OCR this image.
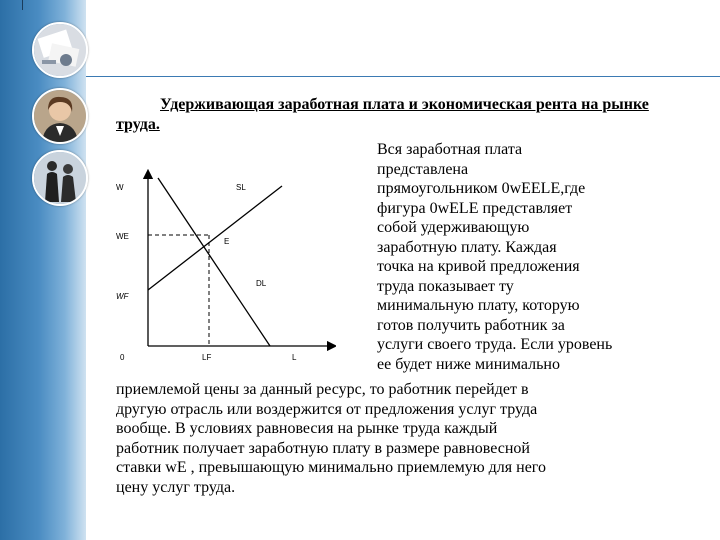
Удерживающая заработная плата и экономическая рента на рынке труда.
Вся заработная плата
представлена
прямоугольником 0wEELE,где
фигура 0wELE представляет
собой удерживающую
заработную плату. Каждая
точка на кривой предложения
труда показывает ту
минимальную плату, которую
готов получить работник за
услуги своего труда. Если уровень
ее будет ниже минимально
приемлемой цены за данный ресурс, то работник перейдет в
другую отрасль или воздержится от предложения услуг труда
вообще. В условиях равновесия на рынке труда каждый
работник получает заработную плату в размере равновесной
ставки wE , превышающую минимально приемлемую для него
цену услуг труда.
W
WE
WF
0	LF	L
E
SL
DL
